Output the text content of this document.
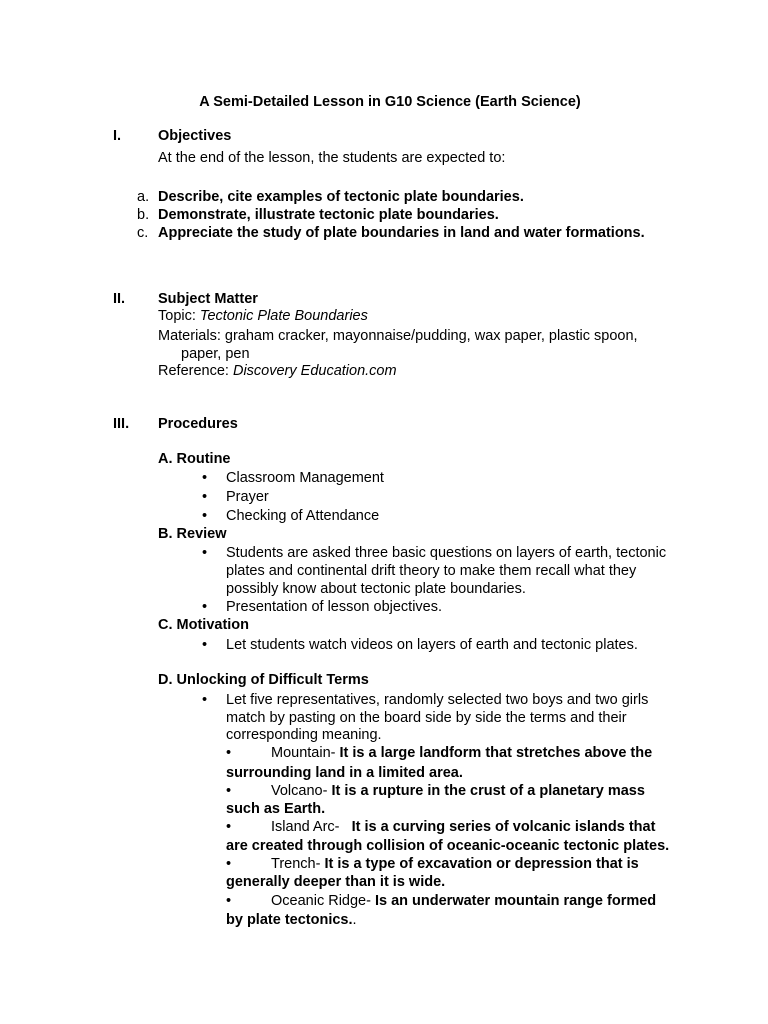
A Semi-Detailed Lesson in G10 Science (Earth Science)
I.	Objectives
At the end of the lesson, the students are expected to:
a. Describe, cite examples of tectonic plate boundaries.
b. Demonstrate, illustrate tectonic plate boundaries.
c. Appreciate the study of plate boundaries in land and water formations.
II. Subject Matter
Topic: Tectonic Plate Boundaries
Materials: graham cracker, mayonnaise/pudding, wax paper, plastic spoon,
paper, pen
Reference: Discovery Education.com
III. Procedures
A. Routine
• Classroom Management
• Prayer
• Checking of Attendance
B. Review
• Students are asked three basic questions on layers of earth, tectonic
plates and continental drift theory to make them recall what they
possibly know about tectonic plate boundaries.
• Presentation of lesson objectives.
C. Motivation
• Let students watch videos on layers of earth and tectonic plates.
D. Unlocking of Difficult Terms
• Let five representatives, randomly selected two boys and two girls
match by pasting on the board side by side the terms and their
corresponding meaning.
•	Mountain- It is a large landform that stretches above the
surrounding land in a limited area.
•	Volcano- It is a rupture in the crust of a planetary mass
such as Earth.
•	Island Arc-   It is a curving series of volcanic islands that
are created through collision of oceanic-oceanic tectonic plates.
•	Trench- It is a type of excavation or depression that is
generally deeper than it is wide.
•	Oceanic Ridge- Is an underwater mountain range formed
by plate tectonics..
